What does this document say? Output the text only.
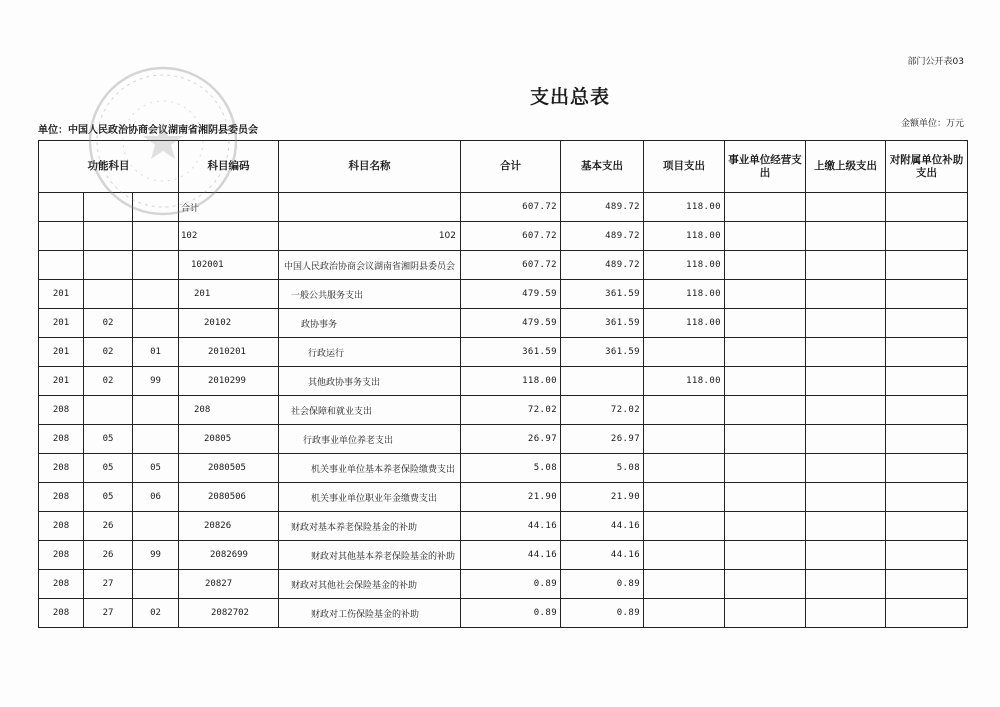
部门公开表03
支出总表
单位：中国人民政治协商会议湖南省湘阴县委员会
金额单位：万元
功能科目			科目编码	科目名称	合计	基本支出	项目支出	事业单位经营支出	上缴上级支出	对附属单位补助支出
			合计		607.72	489.72	118.00			
			102	102	607.72	489.72	118.00			
			102001	中国人民政治协商会议湖南省湘阴县委员会	607.72	489.72	118.00			
201			201	一般公共服务支出	479.59	361.59	118.00			
201	02		20102	政协事务	479.59	361.59	118.00			
201	02	01	2010201	行政运行	361.59	361.59				
201	02	99	2010299	其他政协事务支出	118.00		118.00			
208			208	社会保障和就业支出	72.02	72.02				
208	05		20805	行政事业单位养老支出	26.97	26.97				
208	05	05	2080505	机关事业单位基本养老保险缴费支出	5.08	5.08				
208	05	06	2080506	机关事业单位职业年金缴费支出	21.90	21.90				
208	26		20826	财政对基本养老保险基金的补助	44.16	44.16				
208	26	99	2082699	财政对其他基本养老保险基金的补助	44.16	44.16				
208	27		20827	财政对其他社会保险基金的补助	0.89	0.89				
208	27	02	2082702	财政对工伤保险基金的补助	0.89	0.89				
